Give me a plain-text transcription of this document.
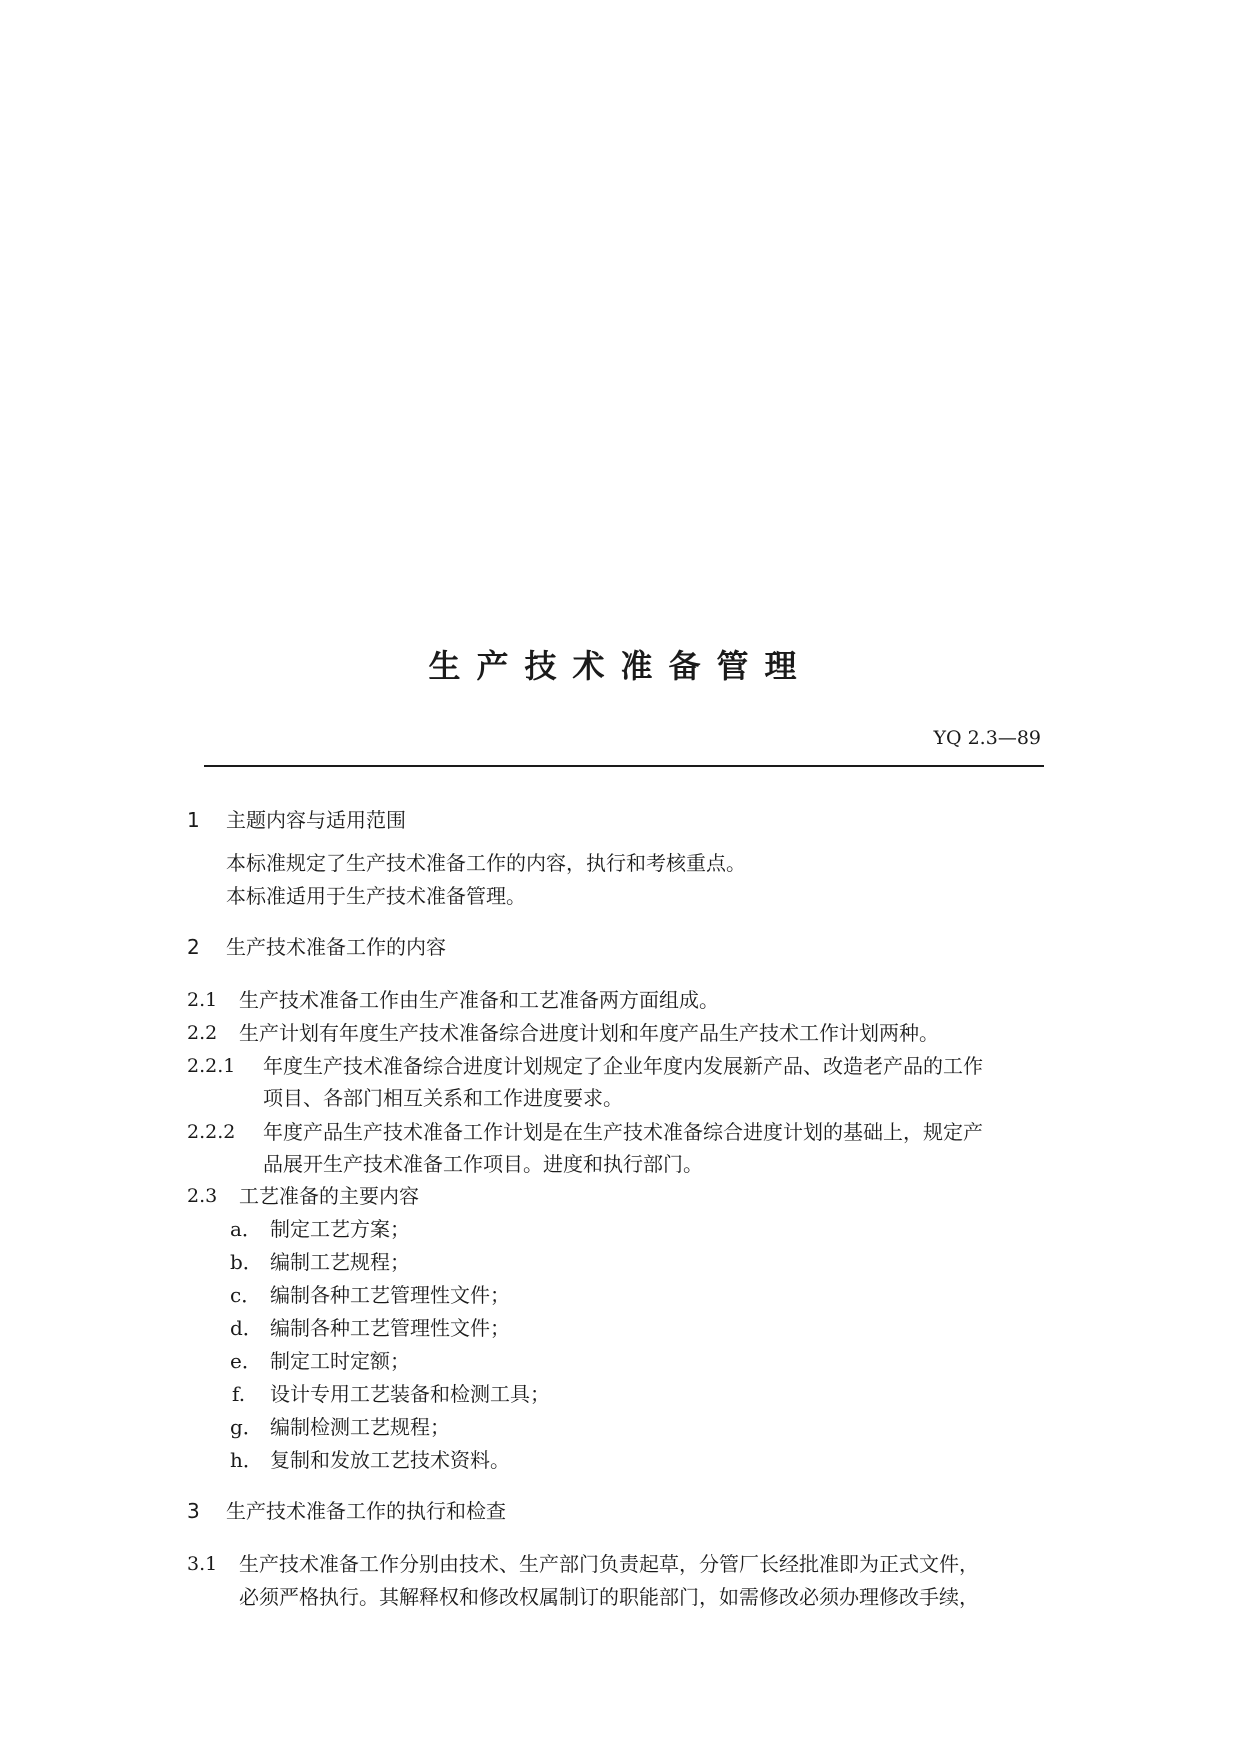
生产技术准备管理
YQ 2.3—89
1 主题内容与适用范围
本标准规定了生产技术准备工作的内容，执行和考核重点。
本标准适用于生产技术准备管理。
2 生产技术准备工作的内容
2.1 生产技术准备工作由生产准备和工艺准备两方面组成。
2.2 生产计划有年度生产技术准备综合进度计划和年度产品生产技术工作计划两种。
2.2.1 年度生产技术准备综合进度计划规定了企业年度内发展新产品、改造老产品的工作
项目、各部门相互关系和工作进度要求。
2.2.2 年度产品生产技术准备工作计划是在生产技术准备综合进度计划的基础上，规定产
品展开生产技术准备工作项目。进度和执行部门。
2.3 工艺准备的主要内容
a． 制定工艺方案；
b． 编制工艺规程；
c． 编制各种工艺管理性文件；
d． 编制各种工艺管理性文件；
e． 制定工时定额；
f. 设计专用工艺装备和检测工具；
g． 编制检测工艺规程；
h． 复制和发放工艺技术资料。
3 生产技术准备工作的执行和检查
3.1 生产技术准备工作分别由技术、生产部门负责起草，分管厂长经批准即为正式文件，
必须严格执行。其解释权和修改权属制订的职能部门，如需修改必须办理修改手续，
